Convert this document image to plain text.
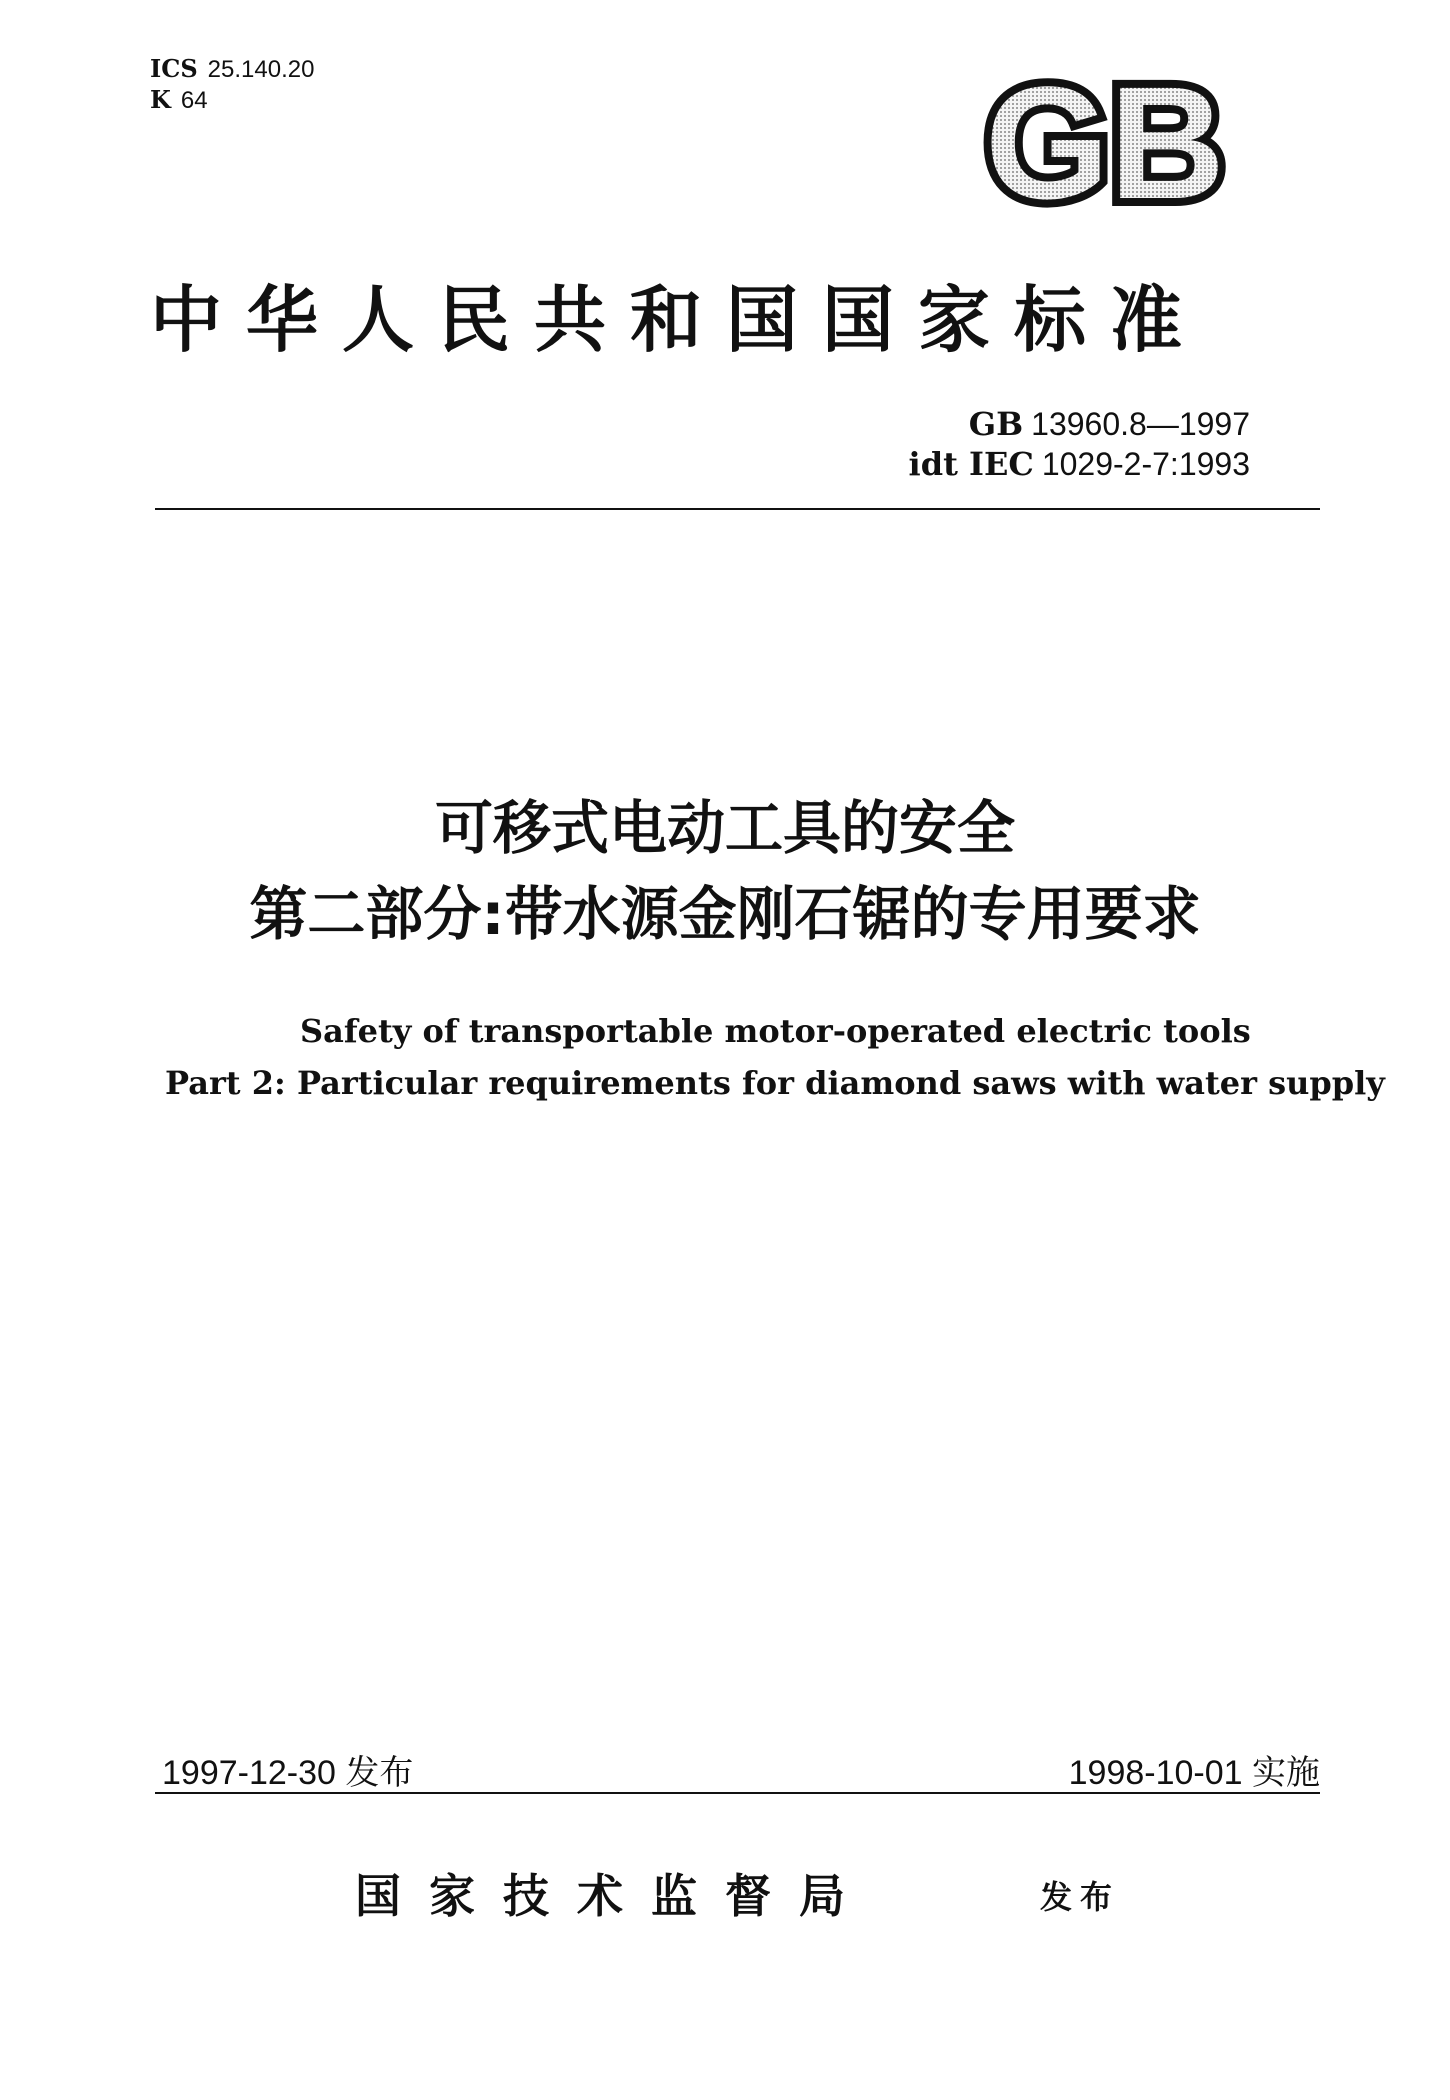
ICS 25.140.20
K 64	GB
中华人民共和国国家标准
GB 13960.8—1997
idt IEC 1029-2-7:1993
可移式电动工具的安全
第二部分:带水源金刚石锯的专用要求
Safety of transportable motor-operated electric tools
Part 2: Particular requirements for diamond saws with water supply
1997-12-30 发布	1998-10-01 实施
国家技术监督局	发布
